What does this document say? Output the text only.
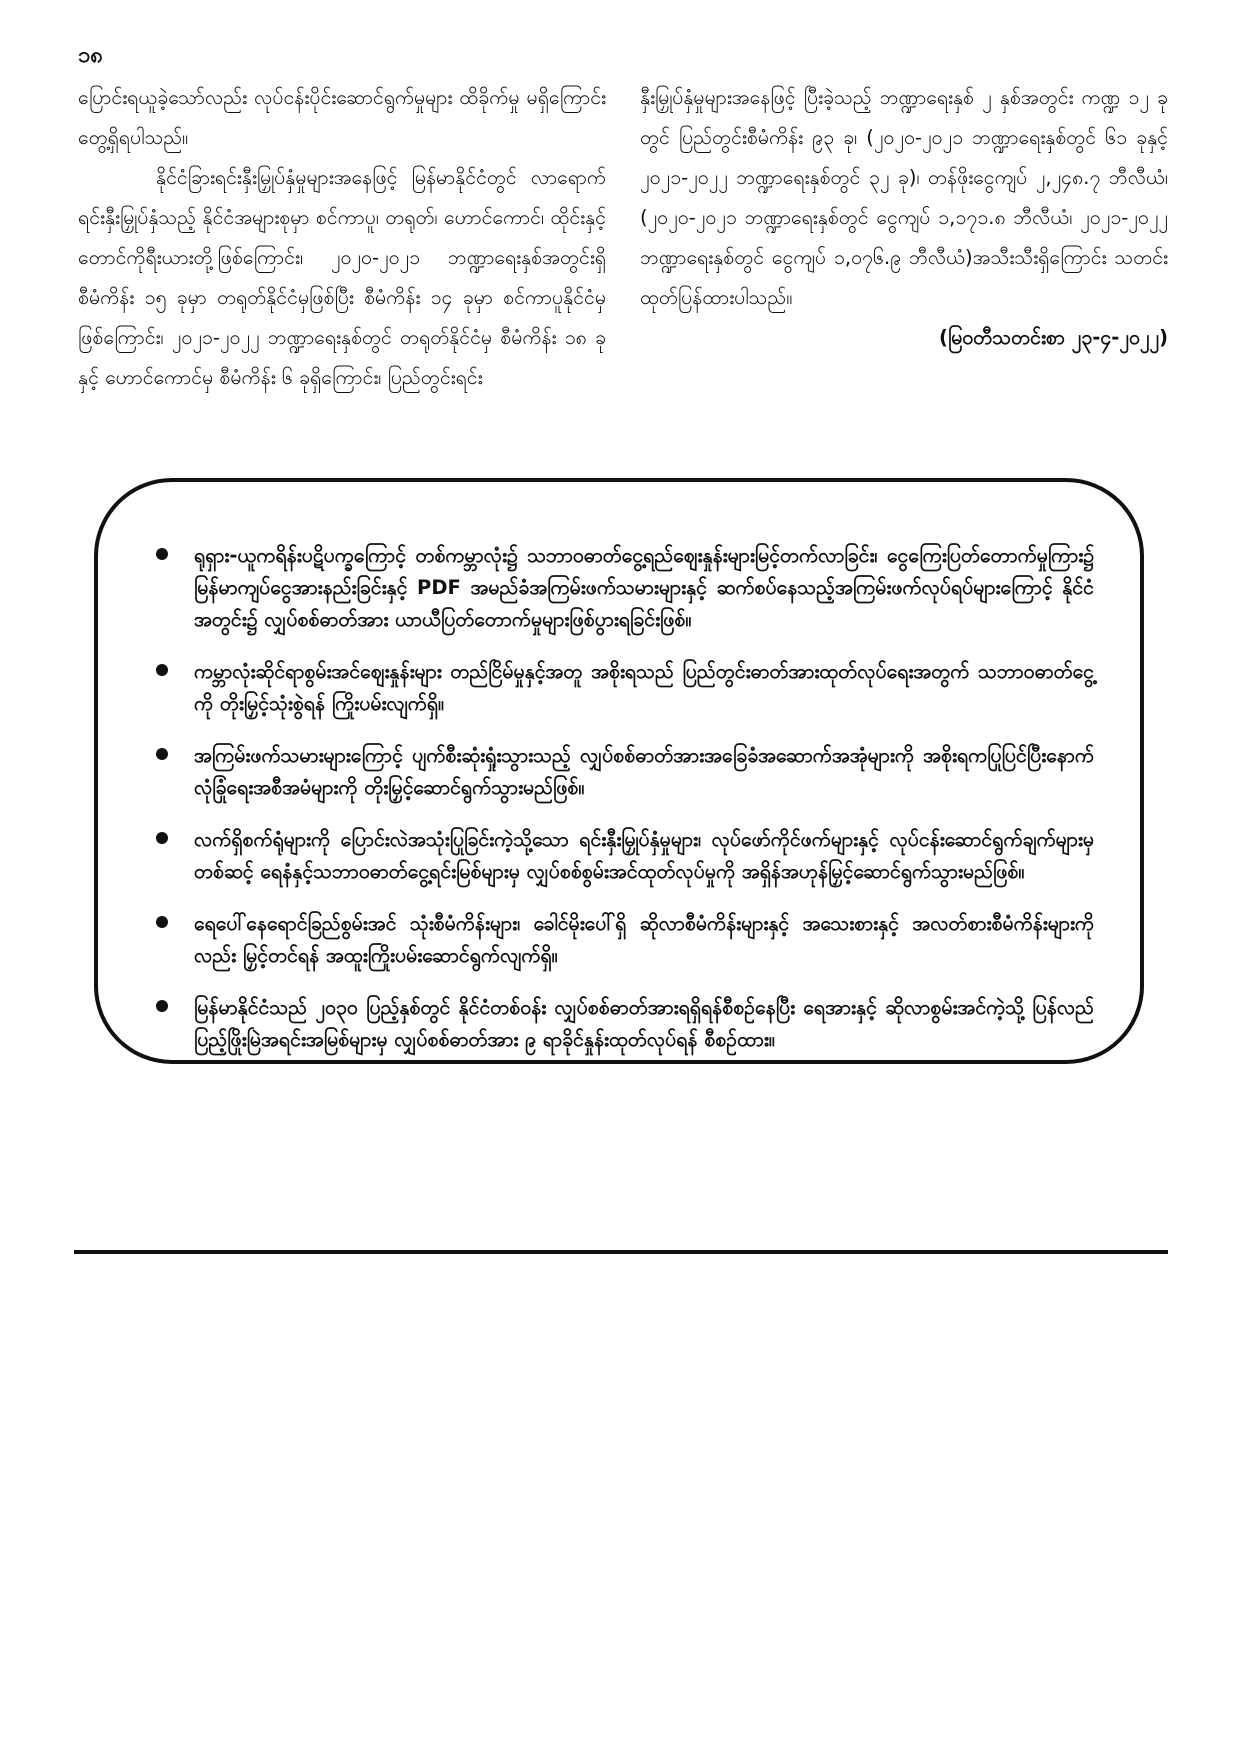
၁၈

ပြောင်းရယူခဲ့သော်လည်း လုပ်ငန်းပိုင်းဆောင်ရွက်မှုများ ထိခိုက်မှု မရှိကြောင်းတွေ့ရှိရပါသည်။

နိုင်ငံခြားရင်းနှီးမြှုပ်နှံမှုများအနေဖြင့် မြန်မာနိုင်ငံတွင် လာရောက်ရင်းနှီးမြှုပ်နှံသည့် နိုင်ငံအများစုမှာ စင်ကာပူ၊ တရုတ်၊ ဟောင်ကောင်၊ ထိုင်းနှင့် တောင်ကိုရီးယားတို့ဖြစ်ကြောင်း၊ ၂၀၂၀-၂၀၂၁ ဘဏ္ဍာရေးနှစ်အတွင်းရှိ စီမံကိန်း ၁၅ ခုမှာ တရုတ်နိုင်ငံမှဖြစ်ပြီး စီမံကိန်း ၁၄ ခုမှာ စင်ကာပူနိုင်ငံမှဖြစ်ကြောင်း၊ ၂၀၂၁-၂၀၂၂ ဘဏ္ဍာရေးနှစ်တွင် တရုတ်နိုင်ငံမှ စီမံကိန်း ၁၈ ခုနှင့် ဟောင်ကောင်မှ စီမံကိန်း ၆ ခုရှိကြောင်း၊ ပြည်တွင်းရင်း

နှီးမြှုပ်နှံမှုများအနေဖြင့် ပြီးခဲ့သည့် ဘဏ္ဍာရေးနှစ် ၂ နှစ်အတွင်း ကဏ္ဍ ၁၂ ခုတွင် ပြည်တွင်းစီမံကိန်း ၉၃ ခု၊ (၂၀၂၀-၂၀၂၁ ဘဏ္ဍာရေးနှစ်တွင် ၆၁ ခုနှင့် ၂၀၂၁-၂၀၂၂ ဘဏ္ဍာရေးနှစ်တွင် ၃၂ ခု)၊ တန်ဖိုးငွေကျပ် ၂,၂၄၈.၇ ဘီလီယံ၊ (၂၀၂၀-၂၀၂၁ ဘဏ္ဍာရေးနှစ်တွင် ငွေကျပ် ၁,၁၇၁.၈ ဘီလီယံ၊ ၂၀၂၁-၂၀၂၂ ဘဏ္ဍာရေးနှစ်တွင် ငွေကျပ် ၁,၀၇၆.၉ ဘီလီယံ)အသီးသီးရှိကြောင်း သတင်းထုတ်ပြန်ထားပါသည်။

(မြဝတီသတင်းစာ ၂၃-၄-၂၀၂၂)

ရုရှား-ယူကရိန်းပဋိပက္ခကြောင့် တစ်ကမ္ဘာလုံး၌ သဘာဝဓာတ်ငွေ့ရည်ဈေးနှုန်းများမြင့်တက်လာခြင်း၊ ငွေကြေးပြတ်တောက်မှုကြား၌ မြန်မာကျပ်ငွေအားနည်းခြင်းနှင့် PDF အမည်ခံအကြမ်းဖက်သမားများနှင့် ဆက်စပ်နေသည့်အကြမ်းဖက်လုပ်ရပ်များကြောင့် နိုင်ငံအတွင်း၌ လျှပ်စစ်ဓာတ်အား ယာယီပြတ်တောက်မှုများဖြစ်ပွားရခြင်းဖြစ်။
ကမ္ဘာလုံးဆိုင်ရာစွမ်းအင်ဈေးနှုန်းများ တည်ငြိမ်မှုနှင့်အတူ အစိုးရသည် ပြည်တွင်းဓာတ်အားထုတ်လုပ်ရေးအတွက် သဘာဝဓာတ်ငွေ့ကို တိုးမြှင့်သုံးစွဲရန် ကြိုးပမ်းလျက်ရှိ။
အကြမ်းဖက်သမားများကြောင့် ပျက်စီးဆုံးရှုံးသွားသည့် လျှပ်စစ်ဓာတ်အားအခြေခံအဆောက်အအုံများကို အစိုးရကပြုပြင်ပြီးနောက် လုံခြုံရေးအစီအမံများကို တိုးမြှင့်ဆောင်ရွက်သွားမည်ဖြစ်။
လက်ရှိစက်ရုံများကို ပြောင်းလဲအသုံးပြုခြင်းကဲ့သို့သော ရင်းနှီးမြှုပ်နှံမှုများ၊ လုပ်ဖော်ကိုင်ဖက်များနှင့် လုပ်ငန်းဆောင်ရွက်ချက်များမှတစ်ဆင့် ရေနံနှင့်သဘာဝဓာတ်ငွေ့ရင်းမြစ်များမှ လျှပ်စစ်စွမ်းအင်ထုတ်လုပ်မှုကို အရှိန်အဟုန်မြှင့်ဆောင်ရွက်သွားမည်ဖြစ်။
ရေပေါ်နေရောင်ခြည်စွမ်းအင် သုံးစီမံကိန်းများ၊ ခေါင်မိုးပေါ်ရှိ ဆိုလာစီမံကိန်းများနှင့် အသေးစားနှင့် အလတ်စားစီမံကိန်းများကိုလည်း မြှင့်တင်ရန် အထူးကြိုးပမ်းဆောင်ရွက်လျက်ရှိ။
မြန်မာနိုင်ငံသည် ၂၀၃၀ ပြည့်နှစ်တွင် နိုင်ငံတစ်ဝန်း လျှပ်စစ်ဓာတ်အားရရှိရန်စီစဉ်နေပြီး ရေအားနှင့် ဆိုလာစွမ်းအင်ကဲ့သို့ ပြန်လည်ပြည့်ဖြိုးမြဲအရင်းအမြစ်များမှ လျှပ်စစ်ဓာတ်အား ၉ ရာခိုင်နှုန်းထုတ်လုပ်ရန် စီစဉ်ထား။
